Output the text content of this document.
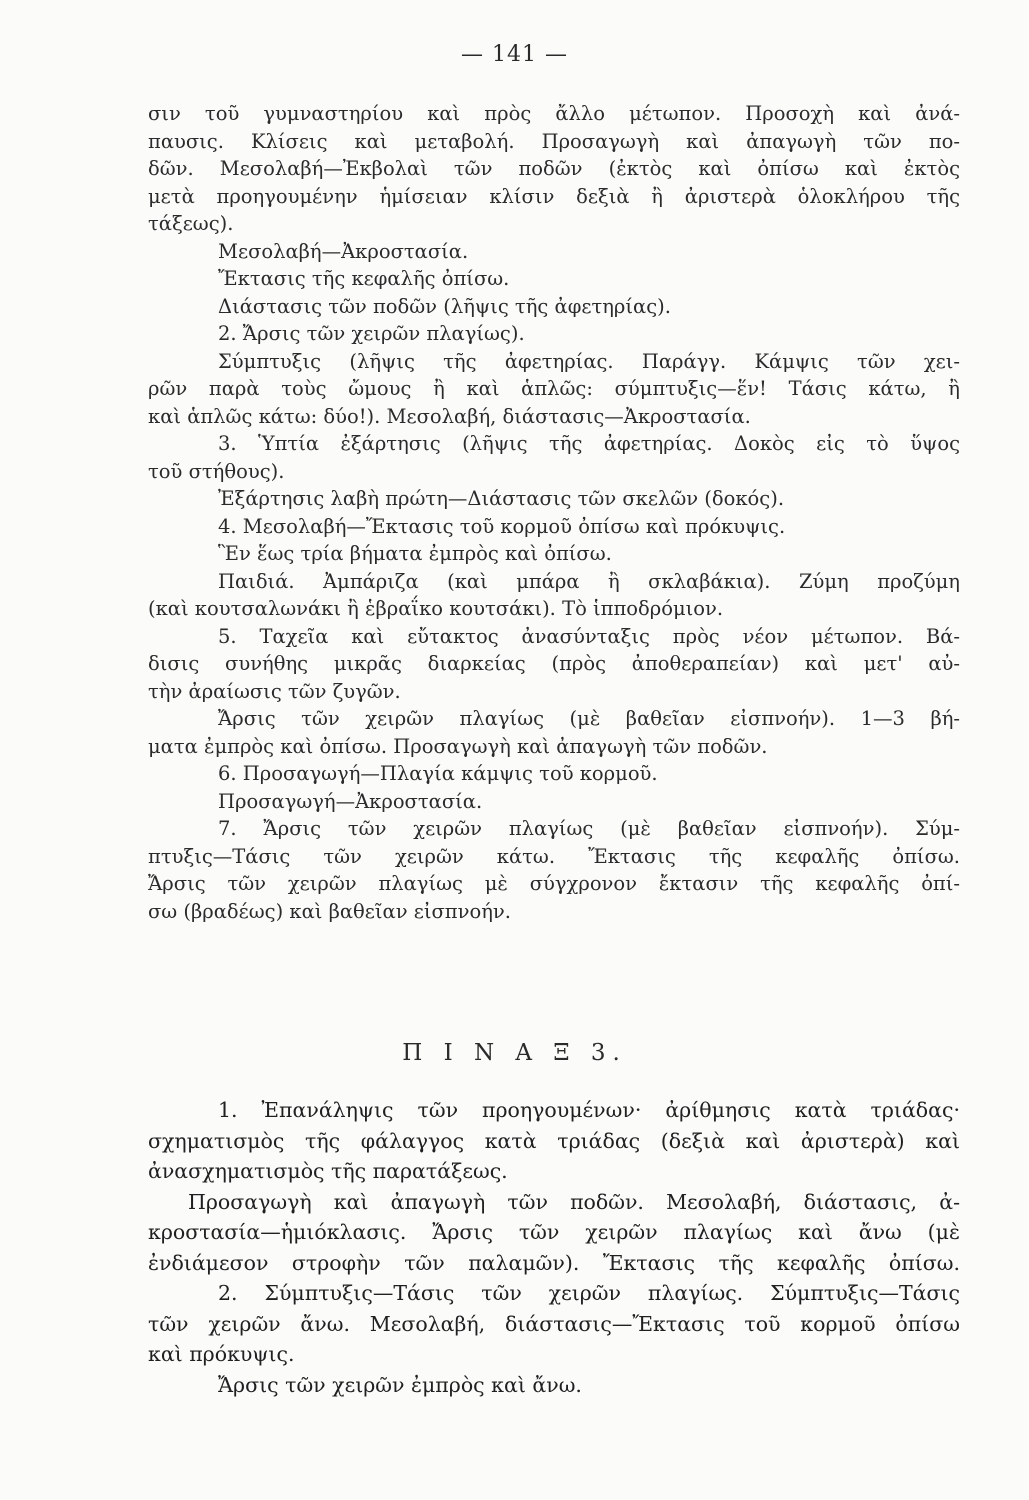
— 141 —
σιν τοῦ γυμναστηρίου καὶ πρὸς ἄλλο μέτωπον. Προσοχὴ καὶ ἀνά-
παυσις. Κλίσεις καὶ μεταβολή. Προσαγωγὴ καὶ ἀπαγωγὴ τῶν πο-
δῶν. Μεσολαβή—Ἐκβολαὶ τῶν ποδῶν (ἐκτὸς καὶ ὀπίσω καὶ ἐκτὸς
μετὰ προηγουμένην ἡμίσειαν κλίσιν δεξιὰ ἢ ἀριστερὰ ὁλοκλήρου τῆς
τάξεως).
Μεσολαβή—Ἀκροστασία.
Ἔκτασις τῆς κεφαλῆς ὀπίσω.
Διάστασις τῶν ποδῶν (λῆψις τῆς ἀφετηρίας).
2. Ἄρσις τῶν χειρῶν πλαγίως).
Σύμπτυξις (λῆψις τῆς ἀφετηρίας. Παράγγ. Κάμψις τῶν χει-
ρῶν παρὰ τοὺς ὤμους ἢ καὶ ἁπλῶς: σύμπτυξις—ἕν! Τάσις κάτω, ἢ
καὶ ἁπλῶς κάτω: δύο!). Μεσολαβή, διάστασις—Ἀκροστασία.
3. Ὑπτία ἐξάρτησις (λῆψις τῆς ἀφετηρίας. Δοκὸς εἰς τὸ ὕψος
τοῦ στήθους).
Ἐξάρτησις λαβὴ πρώτη—Διάστασις τῶν σκελῶν (δοκός).
4. Μεσολαβή—Ἔκτασις τοῦ κορμοῦ ὀπίσω καὶ πρόκυψις.
Ἓν ἕως τρία βήματα ἐμπρὸς καὶ ὀπίσω.
Παιδιά. Ἀμπάριζα (καὶ μπάρα ἢ σκλαβάκια). Ζύμη προζύμη
(καὶ κουτσαλωνάκι ἢ ἑβραΐκο κουτσάκι). Τὸ ἱπποδρόμιον.
5. Ταχεῖα καὶ εὔτακτος ἀνασύνταξις πρὸς νέον μέτωπον. Βά-
δισις συνήθης μικρᾶς διαρκείας (πρὸς ἀποθεραπείαν) καὶ μετ' αὐ-
τὴν ἀραίωσις τῶν ζυγῶν.
Ἄρσις τῶν χειρῶν πλαγίως (μὲ βαθεῖαν εἰσπνοήν). 1—3 βή-
ματα ἐμπρὸς καὶ ὀπίσω. Προσαγωγὴ καὶ ἀπαγωγὴ τῶν ποδῶν.
6. Προσαγωγή—Πλαγία κάμψις τοῦ κορμοῦ.
Προσαγωγή—Ἀκροστασία.
7. Ἄρσις τῶν χειρῶν πλαγίως (μὲ βαθεῖαν εἰσπνοήν). Σύμ-
πτυξις—Τάσις τῶν χειρῶν κάτω. Ἔκτασις τῆς κεφαλῆς ὀπίσω.
Ἄρσις τῶν χειρῶν πλαγίως μὲ σύγχρονον ἔκτασιν τῆς κεφαλῆς ὀπί-
σω (βραδέως) καὶ βαθεῖαν εἰσπνοήν.
Π Ι Ν Α Ξ 3.
1. Ἐπανάληψις τῶν προηγουμένων· ἀρίθμησις κατὰ τριάδας·
σχηματισμὸς τῆς φάλαγγος κατὰ τριάδας (δεξιὰ καὶ ἀριστερὰ) καὶ
ἀνασχηματισμὸς τῆς παρατάξεως.
Προσαγωγὴ καὶ ἀπαγωγὴ τῶν ποδῶν. Μεσολαβή, διάστασις, ἀ-
κροστασία—ἡμιόκλασις. Ἄρσις τῶν χειρῶν πλαγίως καὶ ἄνω (μὲ
ἐνδιάμεσον στροφὴν τῶν παλαμῶν). Ἔκτασις τῆς κεφαλῆς ὀπίσω.
2. Σύμπτυξις—Τάσις τῶν χειρῶν πλαγίως. Σύμπτυξις—Τάσις
τῶν χειρῶν ἄνω. Μεσολαβή, διάστασις—Ἔκτασις τοῦ κορμοῦ ὀπίσω
καὶ πρόκυψις.
Ἄρσις τῶν χειρῶν ἐμπρὸς καὶ ἄνω.
